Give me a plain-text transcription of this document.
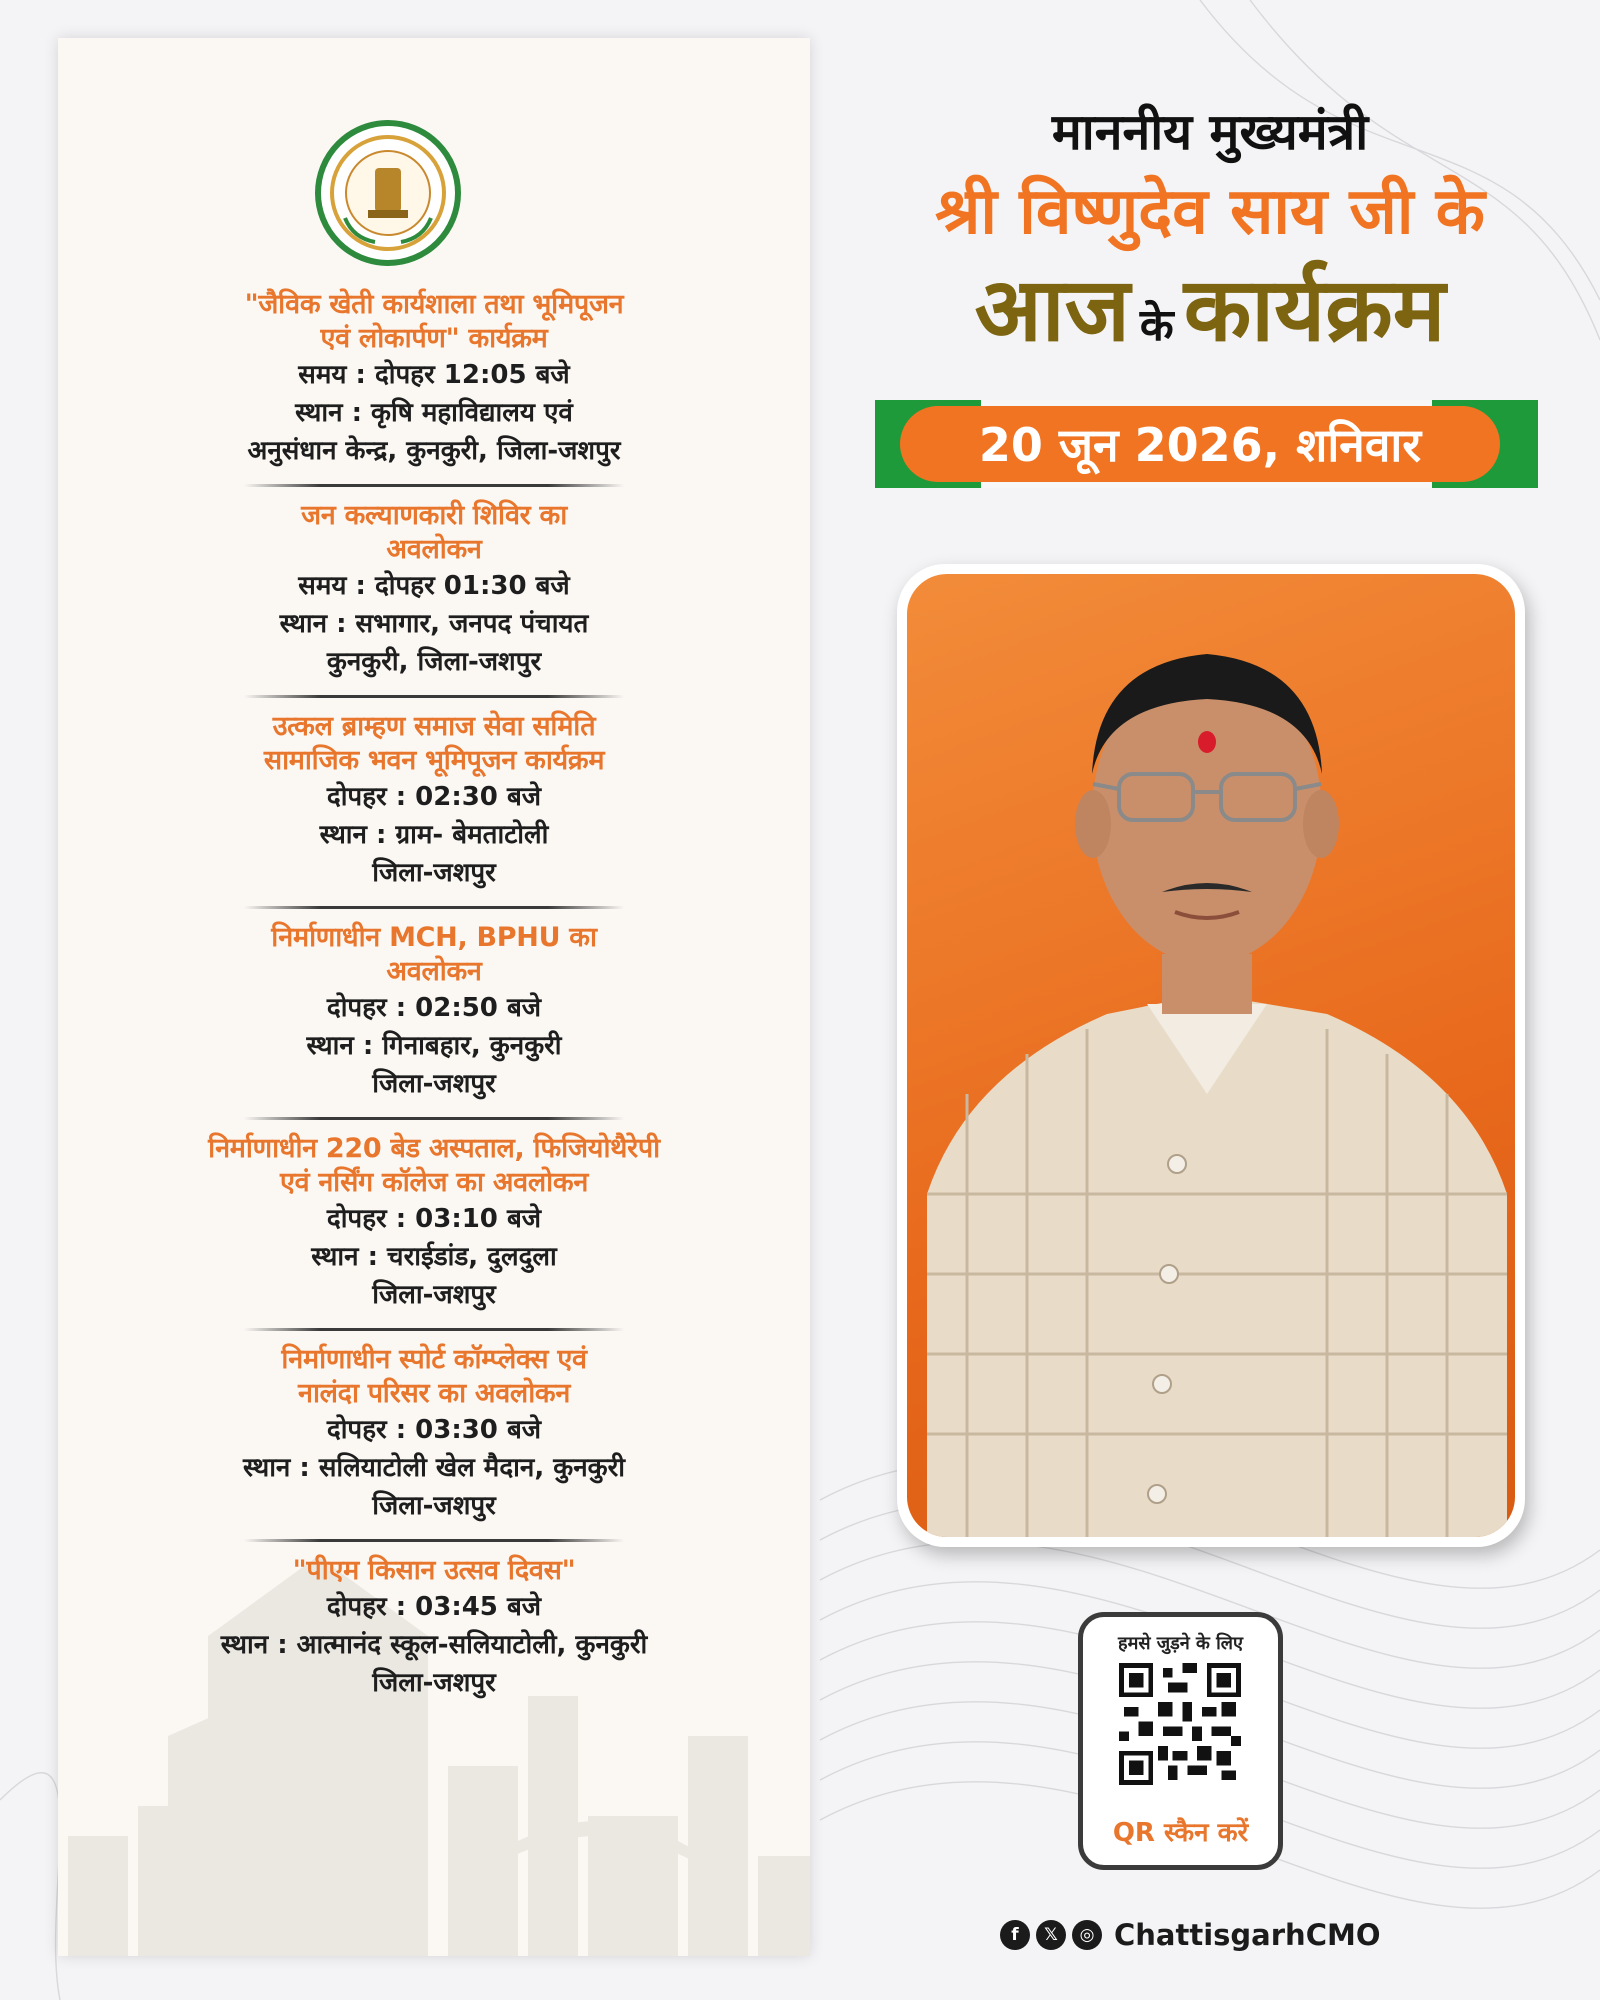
"जैविक खेती कार्यशाला तथा भूमिपूजन
एवं लोकार्पण" कार्यक्रम
समय : दोपहर 12:05 बजे
स्थान : कृषि महाविद्यालय एवं
अनुसंधान केन्द्र, कुनकुरी, जिला-जशपुर
जन कल्याणकारी शिविर का
अवलोकन
समय : दोपहर 01:30 बजे
स्थान : सभागार, जनपद पंचायत
कुनकुरी, जिला-जशपुर
उत्कल ब्राम्हण समाज सेवा समिति
सामाजिक भवन भूमिपूजन कार्यक्रम
दोपहर : 02:30 बजे
स्थान : ग्राम- बेमताटोली
जिला-जशपुर
निर्माणाधीन MCH, BPHU का
अवलोकन
दोपहर : 02:50 बजे
स्थान : गिनाबहार, कुनकुरी
जिला-जशपुर
निर्माणाधीन 220 बेड अस्पताल, फिजियोथैरेपी
एवं नर्सिंग कॉलेज का अवलोकन
दोपहर : 03:10 बजे
स्थान : चराईडांड, दुलदुला
जिला-जशपुर
निर्माणाधीन स्पोर्ट कॉम्प्लेक्स एवं
नालंदा परिसर का अवलोकन
दोपहर : 03:30 बजे
स्थान : सलियाटोली खेल मैदान, कुनकुरी
जिला-जशपुर
"पीएम किसान उत्सव दिवस"
दोपहर : 03:45 बजे
स्थान : आत्मानंद स्कूल-सलियाटोली, कुनकुरी
जिला-जशपुर
माननीय मुख्यमंत्री
श्री विष्णुदेव साय जी के
आज के कार्यक्रम
20 जून 2026, शनिवार
हमसे जुड़ने के लिए
QR स्कैन करें
f	𝕏	◎ ChattisgarhCMO
